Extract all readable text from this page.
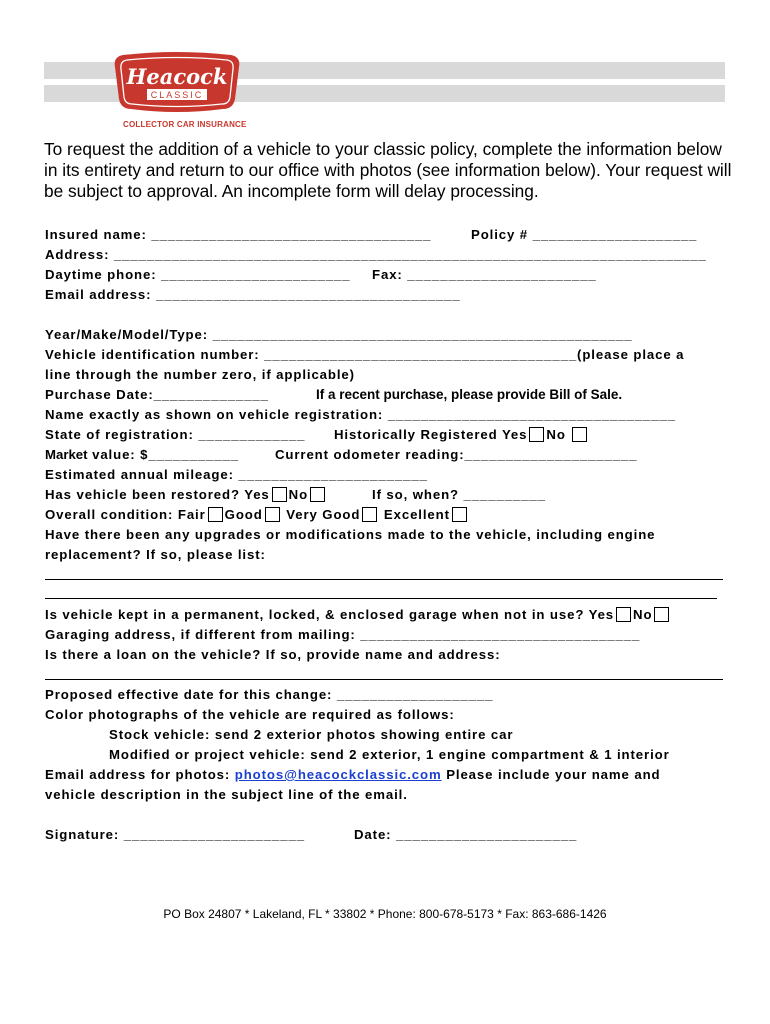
Heacock
CLASSIC
COLLECTOR CAR INSURANCE
To request the addition of a vehicle to your classic policy, complete the information below in its entirety and return to our office with photos (see information below). Your request will be subject to approval. An incomplete form will delay processing.
Insured name: __________________________________	Policy # ____________________
Address: ________________________________________________________________________
Daytime phone: _______________________ Fax: _______________________
Email address: _____________________________________
Year/Make/Model/Type: ___________________________________________________
Vehicle identification number: ______________________________________(please place a
line through the number zero, if applicable)
Purchase Date:______________	If a recent purchase, please provide Bill of Sale.
Name exactly as shown on vehicle registration: ___________________________________
State of registration: _____________ Historically Registered Yes No
Market value: $___________	Current odometer reading:_____________________
Estimated annual mileage: _______________________
Has vehicle been restored? Yes No	If so, when? __________
Overall condition: Fair Good Very Good Excellent
Have there been any upgrades or modifications made to the vehicle, including engine
replacement? If so, please list:
Is vehicle kept in a permanent, locked, & enclosed garage when not in use? Yes No
Garaging address, if different from mailing: __________________________________
Is there a loan on the vehicle? If so, provide name and address:
Proposed effective date for this change: ___________________
Color photographs of the vehicle are required as follows:
Stock vehicle: send 2 exterior photos showing entire car
Modified or project vehicle: send 2 exterior, 1 engine compartment & 1 interior
Email address for photos: photos@heacockclassic.com Please include your name and
vehicle description in the subject line of the email.
Signature: ______________________	Date: ______________________
PO Box 24807 * Lakeland, FL * 33802 * Phone: 800-678-5173 * Fax: 863-686-1426
